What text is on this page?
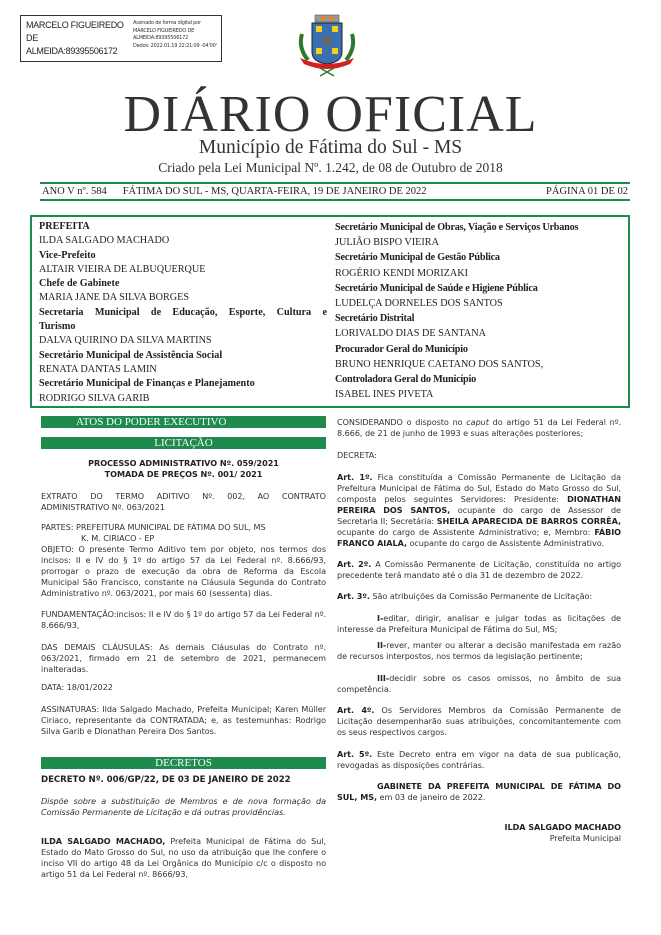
MARCELO FIGUEIREDO
DE
ALMEIDA:89395506172
Assinado de forma digital por
MARCELO FIGUEIREDO DE
ALMEIDA:89395506172
Dados: 2022.01.19 22:21:09 -04'00'
DIÁRIO OFICIAL
Município de Fátima do Sul - MS
Criado pela Lei Municipal Nº. 1.242, de 08 de Outubro de 2018
ANO V nº. 584 FÁTIMA DO SUL - MS, QUARTA-FEIRA, 19 DE JANEIRO DE 2022	PÁGINA 01 DE 02
PREFEITA
ILDA SALGADO MACHADO
Vice-Prefeito
ALTAIR VIEIRA DE ALBUQUERQUE
Chefe de Gabinete
MARIA JANE DA SILVA BORGES
Secretaria Municipal de Educação, Esporte, Cultura e
Turismo
DALVA QUIRINO DA SILVA MARTINS
Secretário Municipal de Assistência Social
RENATA DANTAS LAMIN
Secretário Municipal de Finanças e Planejamento
RODRIGO SILVA GARIB
Secretário Municipal de Obras, Viação e Serviços Urbanos
JULIÃO BISPO VIEIRA
Secretário Municipal de Gestão Pública
ROGÉRIO KENDI MORIZAKI
Secretário Municipal de Saúde e Higiene Pública
LUDELÇA DORNELES DOS SANTOS
Secretário Distrital
LORIVALDO DIAS DE SANTANA
Procurador Geral do Município
BRUNO HENRIQUE CAETANO DOS SANTOS,
Controladora Geral do Município
ISABEL INES PIVETA
ATOS DO PODER EXECUTIVO
LICITAÇÃO
PROCESSO ADMINISTRATIVO Nº. 059/2021
TOMADA DE PREÇOS Nº. 001/ 2021
EXTRATO DO TERMO ADITIVO Nº. 002, AO CONTRATO ADMINISTRATIVO Nº. 063/2021
PARTES: PREFEITURA MUNICIPAL DE FÁTIMA DO SUL, MS
K. M. CIRIACO - EP
OBJETO: O presente Termo Aditivo tem por objeto, nos termos dos incisos: II e IV do § 1º do artigo 57 da Lei Federal nº. 8.666/93, prorrogar o prazo de execução da obra de Reforma da Escola Municipal São Francisco, constante na Cláusula Segunda do Contrato Administrativo nº. 063/2021, por mais 60 (sessenta) dias.
FUNDAMENTAÇÃO:incisos: II e IV do § 1º do artigo 57 da Lei Federal nº. 8.666/93,
DAS DEMAIS CLÁUSULAS: As demais Cláusulas do Contrato nº. 063/2021, firmado em 21 de setembro de 2021, permanecem inalteradas.
DATA: 18/01/2022
ASSINATURAS: Ilda Salgado Machado, Prefeita Municipal; Karen Müller Ciriaco, representante da CONTRATADA; e, as testemunhas: Rodrigo Silva Garib e Dionathan Pereira Dos Santos.
DECRETOS
DECRETO Nº. 006/GP/22, DE 03 DE JANEIRO DE 2022
Dispõe sobre a substituição de Membros e de nova formação da Comissão Permanente de Licitação e dá outras providências.
ILDA SALGADO MACHADO, Prefeita Municipal de Fátima do Sul, Estado do Mato Grosso do Sul, no uso da atribuição que lhe confere o inciso VII do artigo 48 da Lei Orgânica do Município c/c o disposto no artigo 51 da Lei Federal nº. 8666/93,
CONSIDERANDO o disposto no caput do artigo 51 da Lei Federal nº. 8.666, de 21 de junho de 1993 e suas alterações posteriores;
DECRETA:
Art. 1º. Fica constituída a Comissão Permanente de Licitação da Prefeitura Municipal de Fátima do Sul, Estado do Mato Grosso do Sul, composta pelos seguintes Servidores: Presidente: DIONATHAN PEREIRA DOS SANTOS, ocupante do cargo de Assessor de Secretaria II; Secretária: SHEILA APARECIDA DE BARROS CORRÊA, ocupante do cargo de Assistente Administrativo; e, Membro: FÁBIO FRANCO AIALA, ocupante do cargo de Assistente Administrativo.
Art. 2º. A Comissão Permanente de Licitação, constituída no artigo precedente terá mandato até o dia 31 de dezembro de 2022.
Art. 3º. São atribuições da Comissão Permanente de Licitação:
I-editar, dirigir, analisar e julgar todas as licitações de interesse da Prefeitura Municipal de Fátima do Sul, MS;
II-rever, manter ou alterar a decisão manifestada em razão de recursos interpostos, nos termos da legislação pertinente;
III-decidir sobre os casos omissos, no âmbito de sua competência.
Art. 4º. Os Servidores Membros da Comissão Permanente de Licitação desempenharão suas atribuições, concomitantemente com os seus respectivos cargos.
Art. 5º. Este Decreto entra em vigor na data de sua publicação, revogadas as disposições contrárias.
GABINETE DA PREFEITA MUNICIPAL DE FÁTIMA DO SUL, MS, em 03 de janeiro de 2022.
ILDA SALGADO MACHADO
Prefeita Municipal
